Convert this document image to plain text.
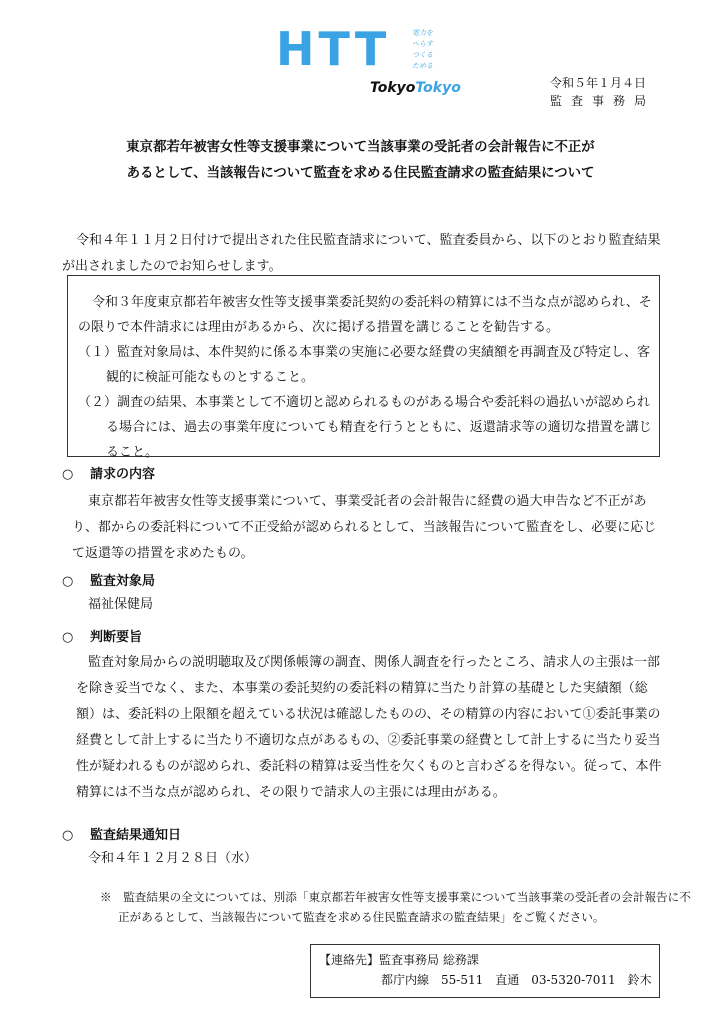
HTT	電力を
へらす
つくる
ためる
TokyoTokyo	令和５年１月４日
監査事務局
東京都若年被害女性等支援事業について当該事業の受託者の会計報告に不正が
あるとして、当該報告について監査を求める住民監査請求の監査結果について
令和４年１１月２日付けで提出された住民監査請求について、監査委員から、以下のとおり監査結果が出されましたのでお知らせします。
令和３年度東京都若年被害女性等支援事業委託契約の委託料の精算には不当な点が認められ、その限りで本件請求には理由があるから、次に掲げる措置を講じることを勧告する。
（１）監査対象局は、本件契約に係る本事業の実施に必要な経費の実績額を再調査及び特定し、客観的に検証可能なものとすること。
（２）調査の結果、本事業として不適切と認められるものがある場合や委託料の過払いが認められる場合には、過去の事業年度についても精査を行うとともに、返還請求等の適切な措置を講じること。
○ 請求の内容
東京都若年被害女性等支援事業について、事業受託者の会計報告に経費の過大申告など不正があり、都からの委託料について不正受給が認められるとして、当該報告について監査をし、必要に応じて返還等の措置を求めたもの。
○ 監査対象局
福祉保健局
○ 判断要旨
監査対象局からの説明聴取及び関係帳簿の調査、関係人調査を行ったところ、請求人の主張は一部を除き妥当でなく、また、本事業の委託契約の委託料の精算に当たり計算の基礎とした実績額（総額）は、委託料の上限額を超えている状況は確認したものの、その精算の内容において①委託事業の経費として計上するに当たり不適切な点があるもの、②委託事業の経費として計上するに当たり妥当性が疑われるものが認められ、委託料の精算は妥当性を欠くものと言わざるを得ない。従って、本件精算には不当な点が認められ、その限りで請求人の主張には理由がある。
○ 監査結果通知日
令和４年１２月２８日（水）
※　監査結果の全文については、別添「東京都若年被害女性等支援事業について当該事業の受託者の会計報告に不正があるとして、当該報告について監査を求める住民監査請求の監査結果」をご覧ください。
【連絡先】監査事務局 総務課
都庁内線　55-511　直通　03-5320-7011　鈴木
